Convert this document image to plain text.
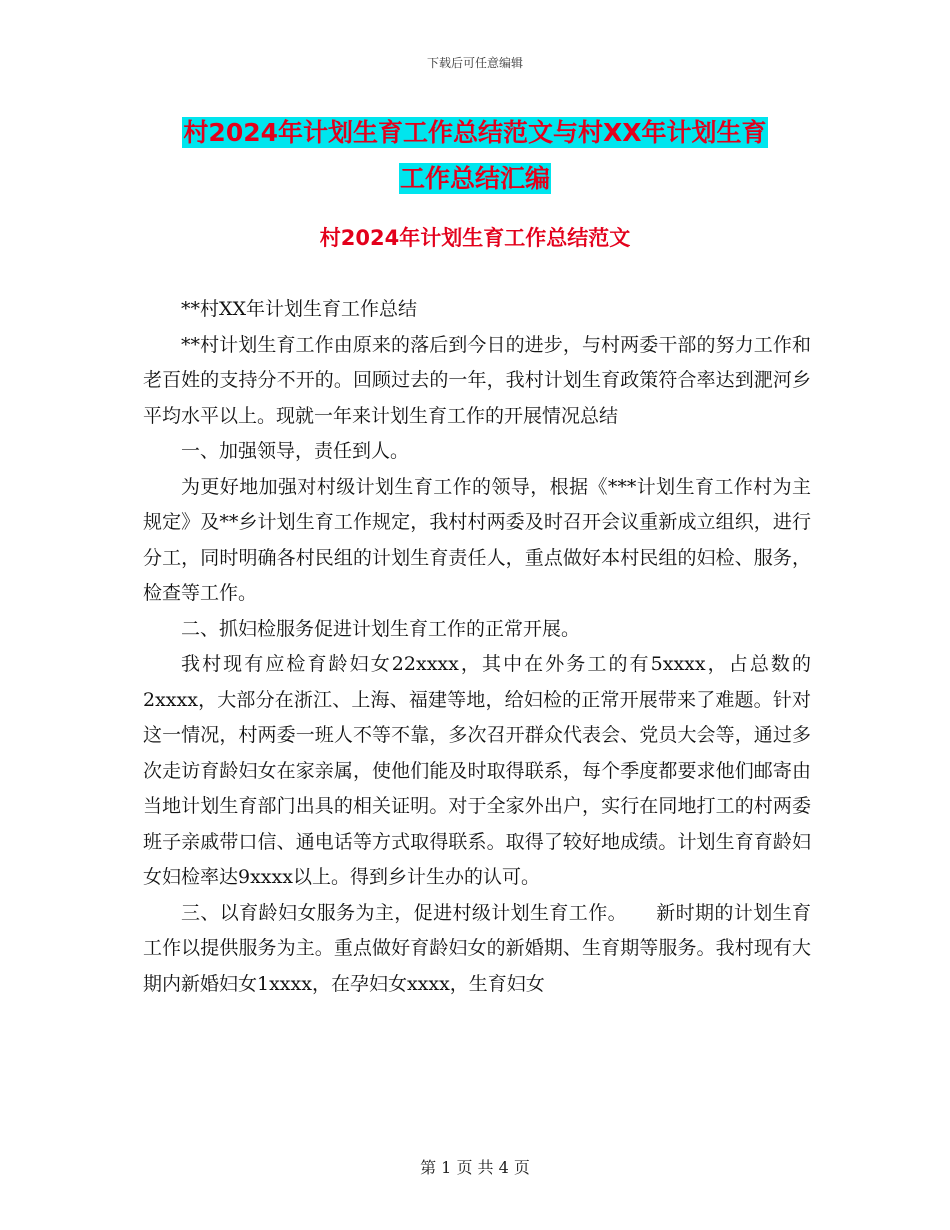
下载后可任意编辑
村2024年计划生育工作总结范文与村XX年计划生育
工作总结汇编
村2024年计划生育工作总结范文

**村XX年计划生育工作总结

**村计划生育工作由原来的落后到今日的进步，与村两委干部的努力工作和老百姓的支持分不开的。回顾过去的一年，我村计划生育政策符合率达到淝河乡平均水平以上。现就一年来计划生育工作的开展情况总结

一、加强领导，责任到人。

为更好地加强对村级计划生育工作的领导，根据《***计划生育工作村为主规定》及**乡计划生育工作规定，我村村两委及时召开会议重新成立组织，进行分工，同时明确各村民组的计划生育责任人，重点做好本村民组的妇检、服务，检查等工作。

二、抓妇检服务促进计划生育工作的正常开展。

我村现有应检育龄妇女22xxxx，其中在外务工的有5xxxx，占总数的2xxxx，大部分在浙江、上海、福建等地，给妇检的正常开展带来了难题。针对这一情况，村两委一班人不等不靠，多次召开群众代表会、党员大会等，通过多次走访育龄妇女在家亲属，使他们能及时取得联系，每个季度都要求他们邮寄由当地计划生育部门出具的相关证明。对于全家外出户，实行在同地打工的村两委班子亲戚带口信、通电话等方式取得联系。取得了较好地成绩。计划生育育龄妇女妇检率达9xxxx以上。得到乡计生办的认可。

三、以育龄妇女服务为主，促进村级计划生育工作。　　新时期的计划生育工作以提供服务为主。重点做好育龄妇女的新婚期、生育期等服务。我村现有大期内新婚妇女1xxxx，在孕妇女xxxx，生育妇女

第 1 页 共 4 页
